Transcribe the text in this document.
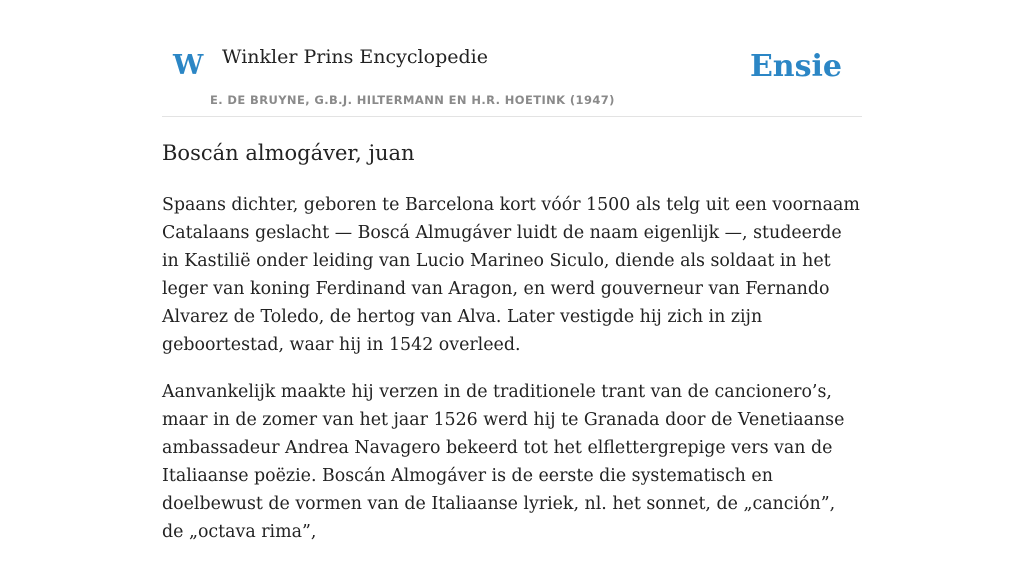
W Winkler Prins Encyclopedie
E. DE BRUYNE, G.B.J. HILTERMANN EN H.R. HOETINK (1947)
Ensie
Boscán almogáver, juan

Spaans dichter, geboren te Barcelona kort vóór 1500 als telg uit een voornaam Catalaans geslacht — Boscá Almugáver luidt de naam eigenlijk —, studeerde in Kastilië onder leiding van Lucio Marineo Siculo, diende als soldaat in het leger van koning Ferdinand van Aragon, en werd gouverneur van Fernando Alvarez de Toledo, de hertog van Alva. Later vestigde hij zich in zijn geboortestad, waar hij in 1542 overleed.

Aanvankelijk maakte hij verzen in de traditionele trant van de cancionero’s, maar in de zomer van het jaar 1526 werd hij te Granada door de Venetiaanse ambassadeur Andrea Navagero bekeerd tot het elflettergrepige vers van de Italiaanse poëzie. Boscán Almogáver is de eerste die systematisch en doelbewust de vormen van de Italiaanse lyriek, nl. het sonnet, de „canción”, de „octava rima”,
